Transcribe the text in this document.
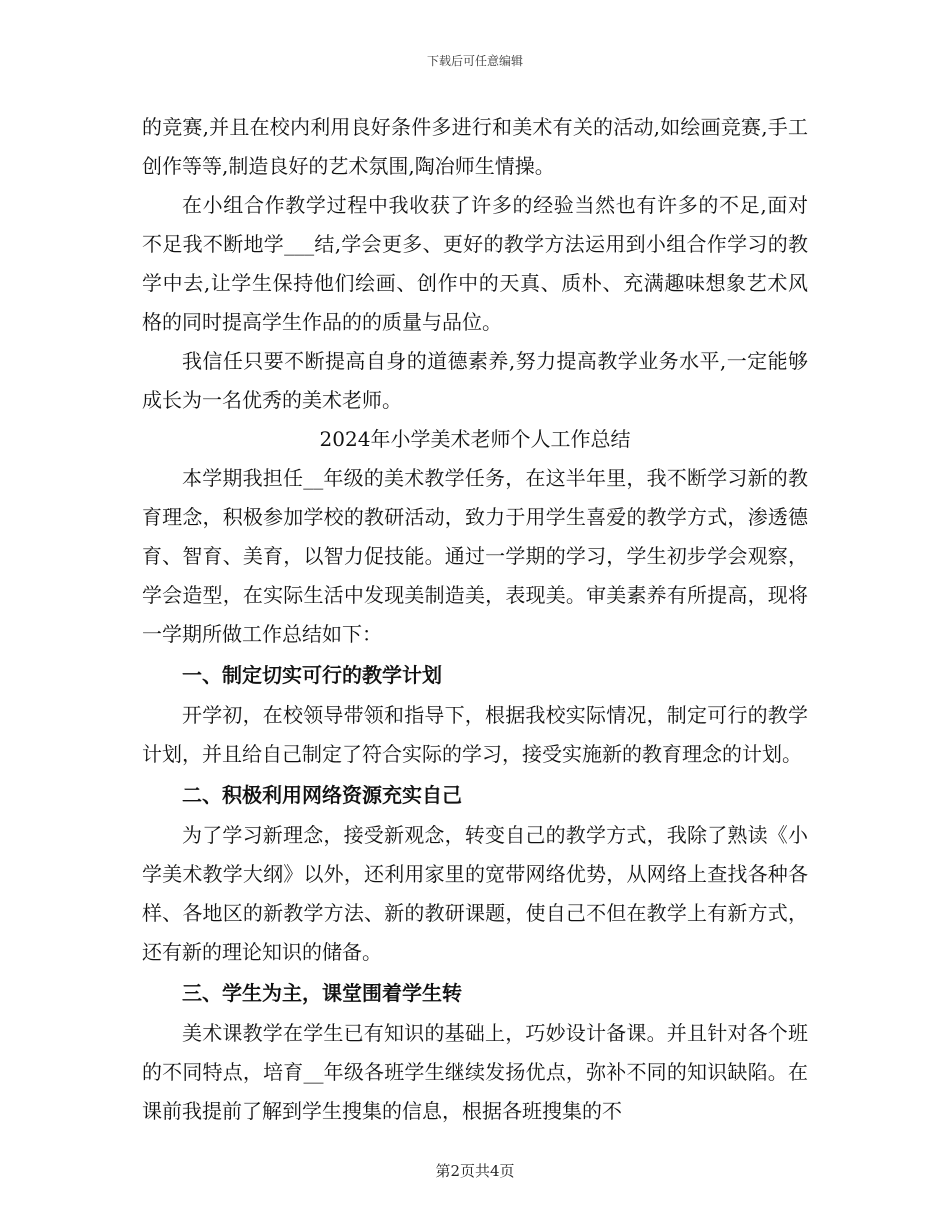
下载后可任意编辑

的竞赛,并且在校内利用良好条件多进行和美术有关的活动,如绘画竞赛,手工创作等等,制造良好的艺术氛围,陶冶师生情操。

在小组合作教学过程中我收获了许多的经验当然也有许多的不足,面对不足我不断地学___结,学会更多、更好的教学方法运用到小组合作学习的教学中去,让学生保持他们绘画、创作中的天真、质朴、充满趣味想象艺术风格的同时提高学生作品的的质量与品位。

我信任只要不断提高自身的道德素养,努力提高教学业务水平,一定能够成长为一名优秀的美术老师。

2024年小学美术老师个人工作总结

本学期我担任__年级的美术教学任务，在这半年里，我不断学习新的教育理念，积极参加学校的教研活动，致力于用学生喜爱的教学方式，渗透德育、智育、美育，以智力促技能。通过一学期的学习，学生初步学会观察，学会造型，在实际生活中发现美制造美，表现美。审美素养有所提高，现将一学期所做工作总结如下：

一、制定切实可行的教学计划

开学初，在校领导带领和指导下，根据我校实际情况，制定可行的教学计划，并且给自己制定了符合实际的学习，接受实施新的教育理念的计划。

二、积极利用网络资源充实自己

为了学习新理念，接受新观念，转变自己的教学方式，我除了熟读《小学美术教学大纲》以外，还利用家里的宽带网络优势，从网络上查找各种各样、各地区的新教学方法、新的教研课题，使自己不但在教学上有新方式，还有新的理论知识的储备。

三、学生为主，课堂围着学生转

美术课教学在学生已有知识的基础上，巧妙设计备课。并且针对各个班的不同特点，培育__年级各班学生继续发扬优点，弥补不同的知识缺陷。在课前我提前了解到学生搜集的信息，根据各班搜集的不

第2页共4页
